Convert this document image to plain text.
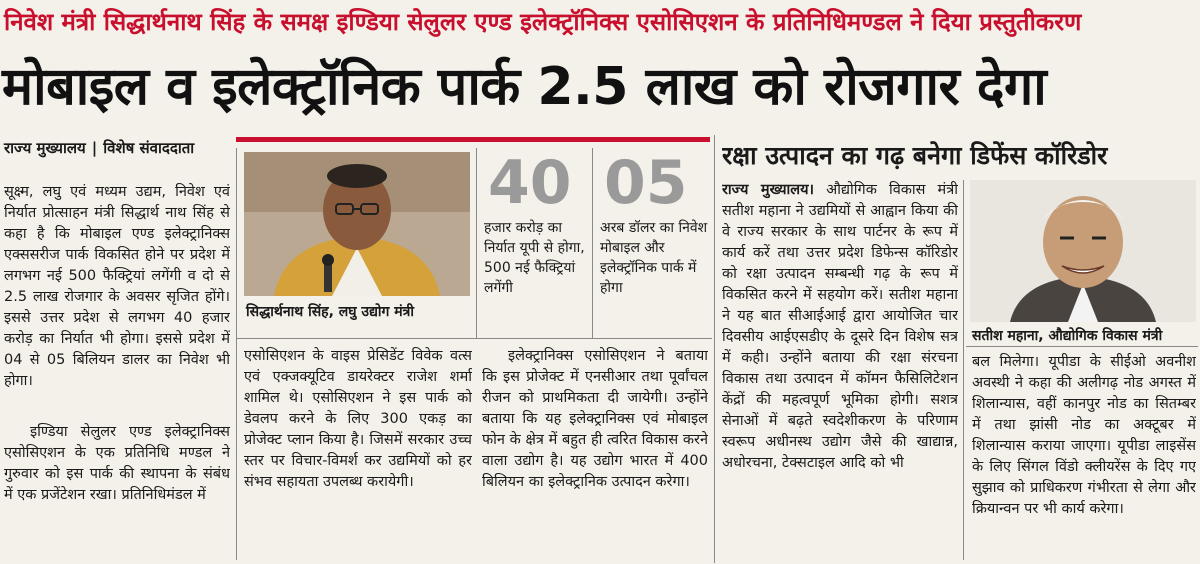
निवेश मंत्री सिद्धार्थनाथ सिंह के समक्ष इण्डिया सेलुलर एण्ड इलेक्ट्रॉनिक्स एसोसिएशन के प्रतिनिधिमण्डल ने दिया प्रस्तुतीकरण
मोबाइल व इलेक्ट्रॉनिक पार्क 2.5 लाख को रोजगार देगा
राज्य मुख्यालय | विशेष संवाददाता
सूक्ष्म, लघु एवं मध्यम उद्यम, निवेश एवं निर्यात प्रोत्साहन मंत्री सिद्धार्थ नाथ सिंह से कहा है कि मोबाइल एण्ड इलेक्ट्रानिक्स एक्ससरीज पार्क विकसित होने पर प्रदेश में लगभग नई 500 फैक्ट्रियां लगेंगी व दो से 2.5 लाख रोजगार के अवसर सृजित होंगे। इससे उत्तर प्रदेश से लगभग 40 हजार करोड़ का निर्यात भी होगा। इससे प्रदेश में 04 से 05 बिलियन डालर का निवेश भी होगा।
इण्डिया सेलुलर एण्ड इलेक्ट्रानिक्स एसोसिएशन के एक प्रतिनिधि मण्डल ने गुरुवार को इस पार्क की स्थापना के संबंध में एक प्रजेंटेशन रखा। प्रतिनिधिमंडल में
सिद्धार्थनाथ सिंह, लघु उद्योग मंत्री
40
हजार करोड़ का निर्यात यूपी से होगा, 500 नई फैक्ट्रियां लगेंगी
05
अरब डॉलर का निवेश मोबाइल और इलेक्ट्रॉनिक पार्क में होगा
एसोसिएशन के वाइस प्रेसिडेंट विवेक वत्स एवं एक्जक्यूटिव डायरेक्टर राजेश शर्मा शामिल थे। एसोसिएशन ने इस पार्क को डेवलप करने के लिए 300 एकड़ का प्रोजेक्ट प्लान किया है। जिसमें सरकार उच्च स्तर पर विचार-विमर्श कर उद्यमियों को हर संभव सहायता उपलब्ध करायेगी।
इलेक्ट्रानिक्स एसोसिएशन ने बताया कि इस प्रोजेक्ट में एनसीआर तथा पूर्वांचल रीजन को प्राथमिकता दी जायेगी। उन्होंने बताया कि यह इलेक्ट्रानिक्स एवं मोबाइल फोन के क्षेत्र में बहुत ही त्वरित विकास करने वाला उद्योग है। यह उद्योग भारत में 400 बिलियन का इलेक्ट्रानिक उत्पादन करेगा।
रक्षा उत्पादन का गढ़ बनेगा डिफेंस कॉरिडोर
राज्य मुख्यालय। औद्योगिक विकास मंत्री सतीश महाना ने उद्यमियों से आह्वान किया की वे राज्य सरकार के साथ पार्टनर के रूप में कार्य करें तथा उत्तर प्रदेश डिफेन्स कॉरिडोर को रक्षा उत्पादन सम्बन्धी गढ़ के रूप में विकसित करने में सहयोग करें। सतीश महाना ने यह बात सीआईआई द्वारा आयोजित चार दिवसीय आईएसडीए के दूसरे दिन विशेष सत्र में कही। उन्होंने बताया की रक्षा संरचना विकास तथा उत्पादन में कॉमन फैसिलिटेशन केंद्रों की महत्वपूर्ण भूमिका होगी। सशत्र सेनाओं में बढ़ते स्वदेशीकरण के परिणाम स्वरूप अधीनस्थ उद्योग जैसे की खाद्यान्न, अधोरचना, टेक्सटाइल आदि को भी
सतीश महाना, औद्योगिक विकास मंत्री
बल मिलेगा। यूपीडा के सीईओ अवनीश अवस्थी ने कहा की अलीगढ़ नोड अगस्त में शिलान्यास, वहीं कानपुर नोड का सितम्बर में तथा झांसी नोड का अक्टूबर में शिलान्यास कराया जाएगा। यूपीडा लाइसेंस के लिए सिंगल विंडो क्लीयरेंस के दिए गए सुझाव को प्राधिकरण गंभीरता से लेगा और क्रियान्वन पर भी कार्य करेगा।
